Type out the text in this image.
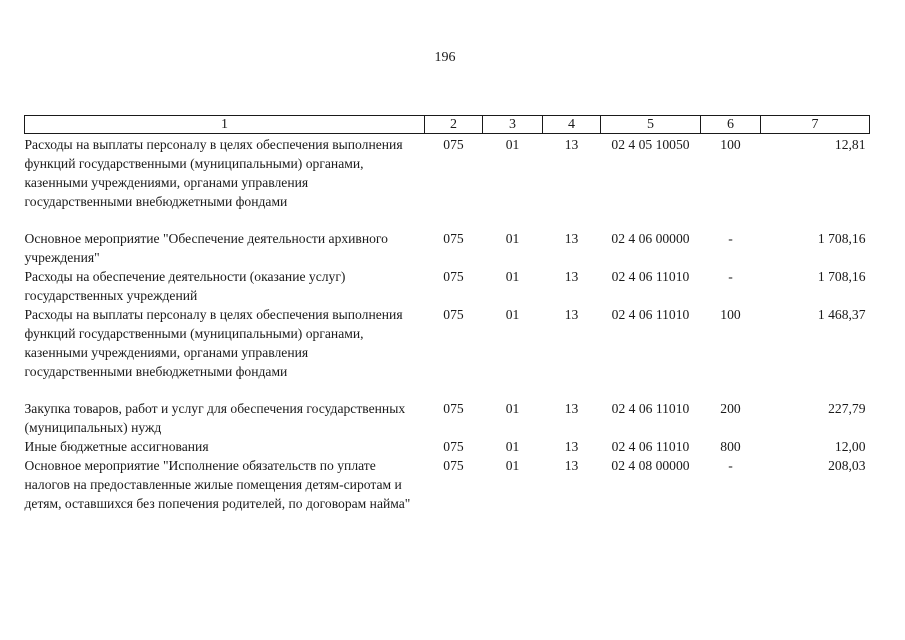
196
1	2	3	4	5	6	7
Расходы на выплаты персоналу в целях обеспечения выполнения функций государственными (муниципальными) органами, казенными учреждениями, органами управления государственными внебюджетными фондами	075	01	13	02 4 05 10050	100	12,81
Основное мероприятие "Обеспечение деятельности архивного учреждения"	075	01	13	02 4 06 00000	-	1 708,16
Расходы на обеспечение деятельности (оказание услуг) государственных учреждений	075	01	13	02 4 06 11010	-	1 708,16
Расходы на выплаты персоналу в целях обеспечения выполнения функций государственными (муниципальными) органами, казенными учреждениями, органами управления государственными внебюджетными фондами	075	01	13	02 4 06 11010	100	1 468,37
Закупка товаров, работ и услуг для обеспечения государственных (муниципальных) нужд	075	01	13	02 4 06 11010	200	227,79
Иные бюджетные ассигнования	075	01	13	02 4 06 11010	800	12,00
Основное мероприятие "Исполнение обязательств по уплате налогов на предоставленные жилые помещения детям-сиротам и детям, оставшихся без попечения родителей, по договорам найма"	075	01	13	02 4 08 00000	-	208,03
